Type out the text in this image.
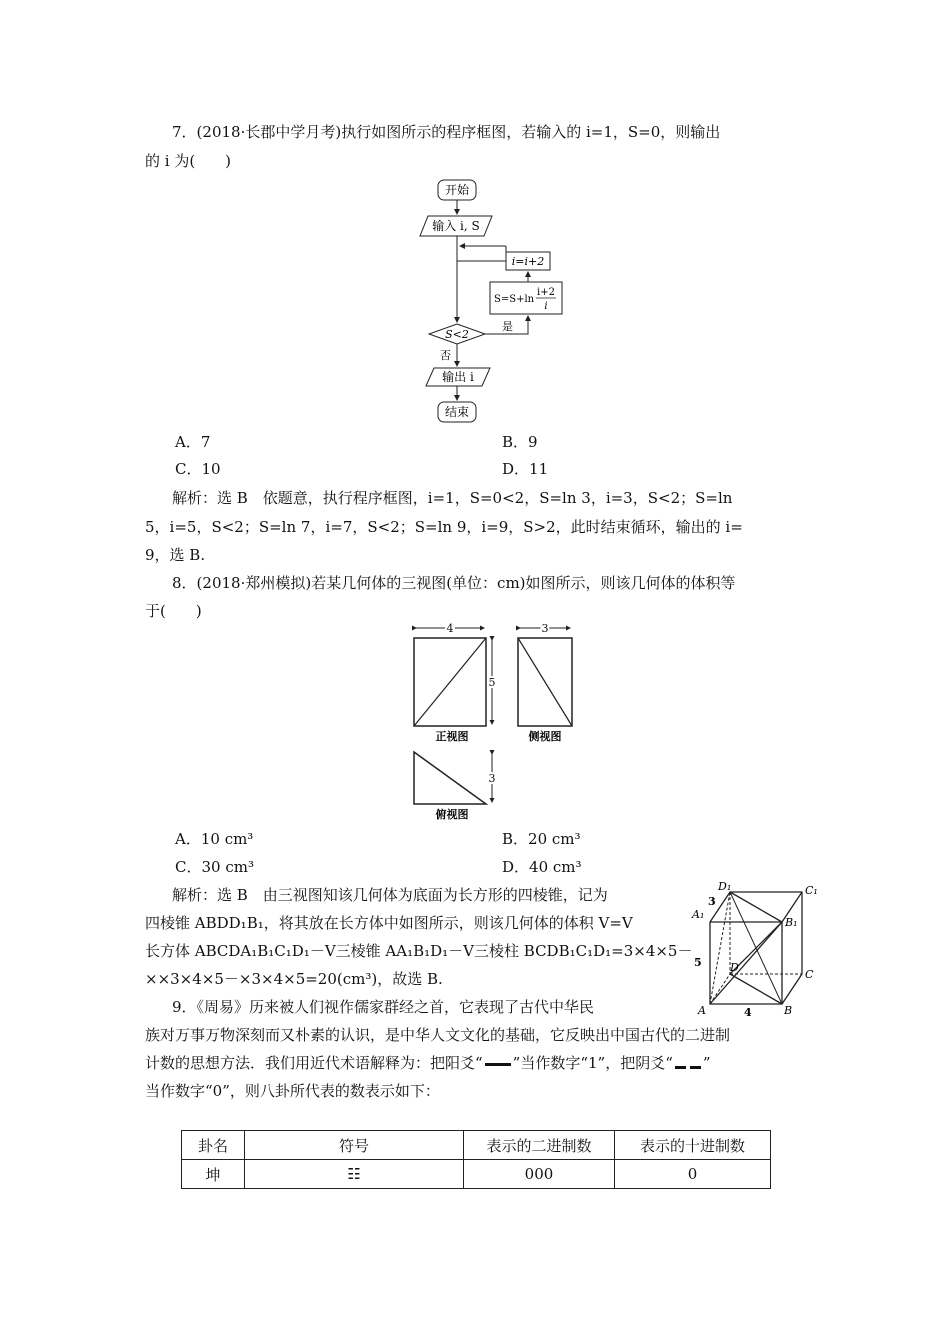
7．(2018·长郡中学月考)执行如图所示的程序框图，若输入的 i=1，S=0，则输出
的 i 为(　　)
开始
输入 i, S
i=i+2
S=S+ln
i+2
i
S<2
是
否
输出 i
结束
A．7	B．9
C．10	D．11
解析：选 B　依题意，执行程序框图，i=1，S=0<2，S=ln 3，i=3，S<2；S=ln
5，i=5，S<2；S=ln 7，i=7，S<2；S=ln 9，i=9，S>2，此时结束循环，输出的 i=
9，选 B.
8．(2018·郑州模拟)若某几何体的三视图(单位：cm)如图所示，则该几何体的体积等
于(　　)
4
5
正视图
3
侧视图
3
俯视图
A．10 cm³	B．20 cm³
C．30 cm³	D．40 cm³
解析：选 B　由三视图知该几何体为底面为长方形的四棱锥，记为
四棱锥 ABDD₁B₁，将其放在长方体中如图所示，则该几何体的体积 V=V
长方体 ABCDA₁B₁C₁D₁－V三棱锥 AA₁B₁D₁－V三棱柱 BCDB₁C₁D₁=3×4×5－
××3×4×5－×3×4×5=20(cm³)，故选 B.
D₁	C₁
A₁
B₁
D
C
A	B
3
4
5
9．《周易》历来被人们视作儒家群经之首，它表现了古代中华民
族对万事万物深刻而又朴素的认识，是中华人文文化的基础，它反映出中国古代的二进制
计数的思想方法．我们用近代术语解释为：把阳爻“ ”当作数字“1”，把阴爻“ ”
当作数字“0”，则八卦所代表的数表示如下：
卦名	符号	表示的二进制数	表示的十进制数
坤	☷	000	0
